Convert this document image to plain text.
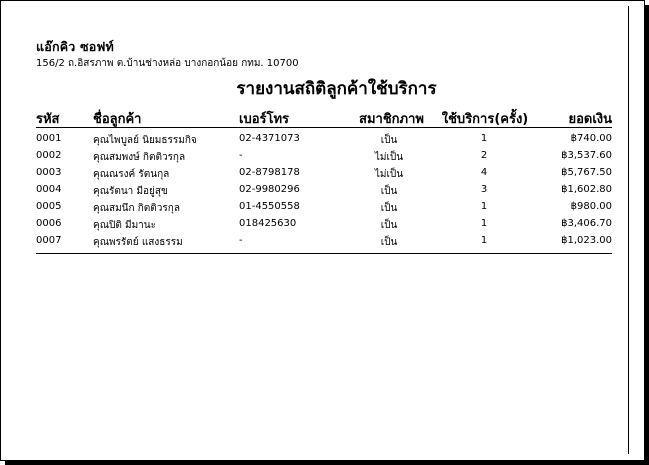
แอ๊กคิว ซอฟท์
156/2 ถ.อิสรภาพ ต.บ้านช่างหล่อ บางกอกน้อย กทม. 10700
รายงานสถิติลูกค้าใช้บริการ
รหัส	ชื่อลูกค้า	เบอร์โทร	สมาชิกภาพ	ใช้บริการ(ครั้ง)	ยอดเงิน
0001	คุณไพบูลย์ นิยมธรรมกิจ	02-4371073	เป็น	1	฿740.00
0002	คุณสมพงษ์ กิตติวรกุล	-	ไม่เป็น	2	฿3,537.60
0003	คุณณรงค์ รัตนกุล	02-8798178	ไม่เป็น	4	฿5,767.50
0004	คุณรัตนา มีอยู่สุข	02-9980296	เป็น	3	฿1,602.80
0005	คุณสมนึก กิตติวรกุล	01-4550558	เป็น	1	฿980.00
0006	คุณปิติ มีมานะ	018425630	เป็น	1	฿3,406.70
0007	คุณพรรัตย์ แสงธรรม	-	เป็น	1	฿1,023.00
